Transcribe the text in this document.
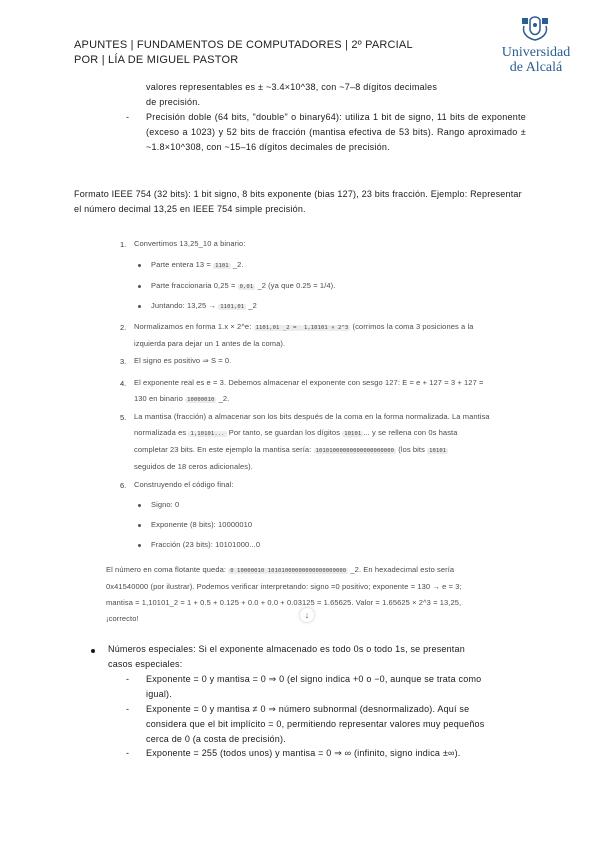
APUNTES | FUNDAMENTOS DE COMPUTADORES | 2º PARCIAL
POR | LÍA DE MIGUEL PASTOR	Universidad
de Alcalá
valores representables es ± ~3.4×10^38, con ~7–8 dígitos decimales
de precisión.
- Precisión doble (64 bits, "double" o binary64): utiliza 1 bit de signo, 11 bits de exponente (exceso a 1023) y 52 bits de fracción (mantisa efectiva de 53 bits). Rango aproximado ± ~1.8×10^308, con ~15–16 dígitos decimales de precisión.
Formato IEEE 754 (32 bits): 1 bit signo, 8 bits exponente (bias 127), 23 bits fracción. Ejemplo: Representar el número decimal 13,25 en IEEE 754 simple precisión.
1. Convertimos 13,25_10 a binario:
Parte entera 13 = 1101 _2.
Parte fraccionaria 0,25 = 0,01 _2 (ya que 0.25 = 1/4).
Juntando: 13,25 → 1101,01 _2
2. Normalizamos en forma 1.x × 2^e: 1101,01 _2 = 1,10101 × 2^3 (corrimos la coma 3 posiciones a la
izquierda para dejar un 1 antes de la coma).
3. El signo es positivo ⇒ S = 0.
4. El exponente real es e = 3. Debemos almacenar el exponente con sesgo 127: E = e + 127 = 3 + 127 =
130 en binario 10000010 _2.
5. La mantisa (fracción) a almacenar son los bits después de la coma en la forma normalizada. La mantisa
normalizada es 1,10101... Por tanto, se guardan los dígitos 10101 ... y se rellena con 0s hasta
completar 23 bits. En este ejemplo la mantisa sería: 10101000000000000000000 (los bits 10101
seguidos de 18 ceros adicionales).
6. Construyendo el código final:
Signo: 0
Exponente (8 bits): 10000010
Fracción (23 bits): 10101000...0
El número en coma flotante queda: 0 10000010 10101000000000000000000 _2. En hexadecimal esto sería
0x41540000 (por ilustrar). Podemos verificar interpretando: signo =0 positivo; exponente = 130 → e = 3;
mantisa = 1,10101_2 = 1 + 0.5 + 0.125 + 0.0 + 0.0 + 0.03125 = 1.65625. Valor = 1.65625 × 2^3 = 13,25,
¡correcto!	↓
Números especiales: Si el exponente almacenado es todo 0s o todo 1s, se presentan
casos especiales:
- Exponente = 0 y mantisa = 0 ⇒ 0 (el signo indica +0 o −0, aunque se trata como
igual).
- Exponente = 0 y mantisa ≠ 0 ⇒ número subnormal (desnormalizado). Aquí se
considera que el bit implícito = 0, permitiendo representar valores muy pequeños
cerca de 0 (a costa de precisión).
- Exponente = 255 (todos unos) y mantisa = 0 ⇒ ∞ (infinito, signo indica ±∞).
